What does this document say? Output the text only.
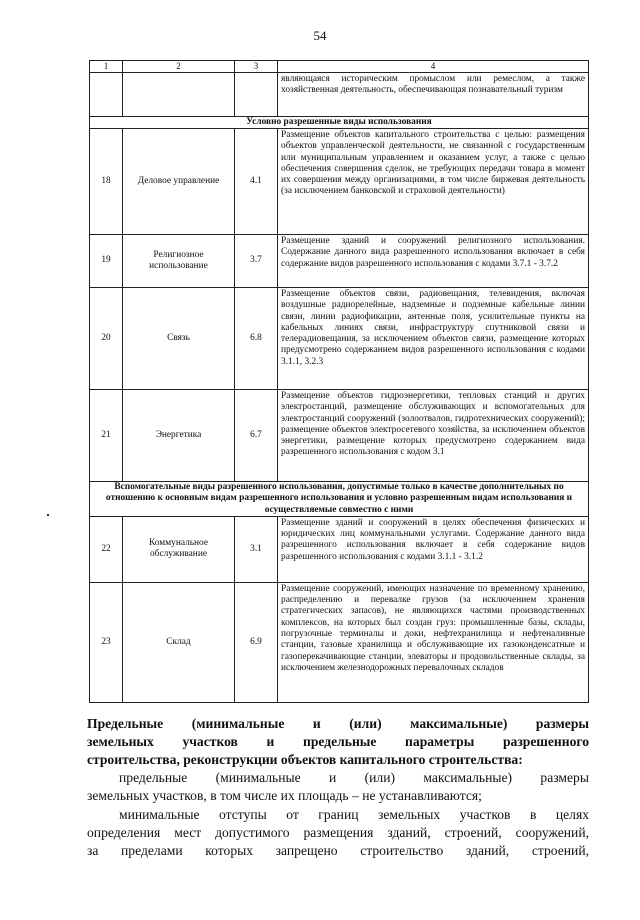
54
1	2	3	4
			являющаяся историческим промыслом или ремеслом, а также хозяйственная деятельность, обеспечивающая познавательный туризм
Условно разрешенные виды использования			
18	Деловое управление	4.1	Размещение объектов капитального строительства с целью: размещения объектов управленческой деятельности, не связанной с государственным или муниципальным управлением и оказанием услуг, а также с целью обеспечения совершения сделок, не требующих передачи товара в момент их совершения между организациями, в том числе биржевая деятельность (за исключением банковской и страховой деятельности)
19	Религиозное использование	3.7	Размещение зданий и сооружений религиозного использования. Содержание данного вида разрешенного использования включает в себя содержание видов разрешенного использования с кодами 3.7.1 - 3.7.2
20	Связь	6.8	Размещение объектов связи, радиовещания, телевидения, включая воздушные радиорелейные, надземные и подземные кабельные линии связи, линии радиофикации, антенные поля, усилительные пункты на кабельных линиях связи, инфраструктуру спутниковой связи и телерадиовещания, за исключением объектов связи, размещение которых предусмотрено содержанием видов разрешенного использования с кодами 3.1.1, 3.2.3
21	Энергетика	6.7	Размещение объектов гидроэнергетики, тепловых станций и других электростанций, размещение обслуживающих и вспомогательных для электростанций сооружений (золоотвалов, гидротехнических сооружений); размещение объектов электросетевого хозяйства, за исключением объектов энергетики, размещение которых предусмотрено содержанием вида разрешенного использования с кодом 3.1
Вспомогательные виды разрешенного использования, допустимые только в качестве дополнительных по отношению к основным видам разрешенного использования и условно разрешенным видам использования и осуществляемые совместно с ними			
22	Коммунальное обслуживание	3.1	Размещение зданий и сооружений в целях обеспечения физических и юридических лиц коммунальными услугами. Содержание данного вида разрешенного использования включает в себя содержание видов разрешенного использования с кодами 3.1.1 - 3.1.2
23	Склад	6.9	Размещение сооружений, имеющих назначение по временному хранению, распределению и перевалке грузов (за исключением хранения стратегических запасов), не являющихся частями производственных комплексов, на которых был создан груз: промышленные базы, склады, погрузочные терминалы и доки, нефтехранилища и нефтеналивные станции, газовые хранилища и обслуживающие их газоконденсатные и газоперекачивающие станции, элеваторы и продовольственные склады, за исключением железнодорожных перевалочных складов
Предельные (минимальные и (или) максимальные) размеры
земельных участков и предельные параметры разрешенного
строительства, реконструкции объектов капитального строительства:
предельные (минимальные и (или) максимальные) размеры
земельных участков, в том числе их площадь – не устанавливаются;
минимальные отступы от границ земельных участков в целях
определения мест допустимого размещения зданий, строений, сооружений,
за пределами которых запрещено строительство зданий, строений,
